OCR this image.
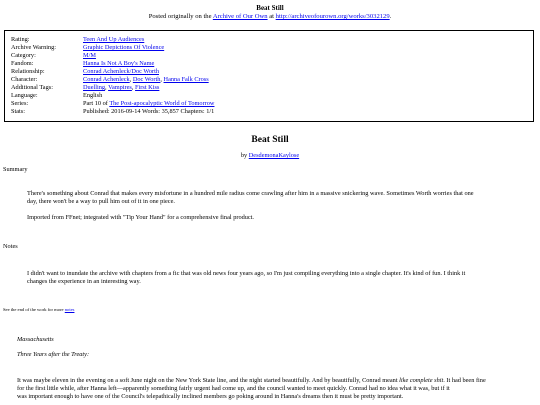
Beat Still
Posted originally on the Archive of Our Own at http://archiveofourown.org/works/3032129.
Rating:	Teen And Up Audiences
Archive Warning:	Graphic Depictions Of Violence
Category:	M/M
Fandom:	Hanna Is Not A Boy's Name
Relationship:	Conrad Achenleck/Doc Worth
Character:	Conrad Achenleck, Doc Worth, Hanna Falk Cross
Additional Tags:	Duelling, Vampires, First Kiss
Language:	English
Series:	Part 10 of The Post-apocalyptic World of Tomorrow
Stats:	Published: 2016-09-14 Words: 35,857 Chapters: 1/1
Beat Still
by DesdemonaKaylose
Summary
There's something about Conrad that makes every misfortune in a hundred mile radius come crawling after him in a massive snickering wave. Sometimes Worth worries that one
day, there won't be a way to pull him out of it in one piece.
Imported from FFnet; integrated with "Tip Your Hand" for a comprehensive final product.
Notes
I didn't want to inundate the archive with chapters from a fic that was old news four years ago, so I'm just compiling everything into a single chapter. It's kind of fun. I think it
changes the experience in an interesting way.
See the end of the work for more notes
Massachusetts
Three Years after the Treaty:
It was maybe eleven in the evening on a soft June night on the New York State line, and the night started beautifully. And by beautifully, Conrad meant like complete shit. It had been fine
for the first little while, after Hanna left—apparently something fairly urgent had come up, and the council wanted to meet quickly. Conrad had no idea what it was, but if it
was important enough to have one of the Council's telepathically inclined members go poking around in Hanna's dreams then it must be pretty important.
